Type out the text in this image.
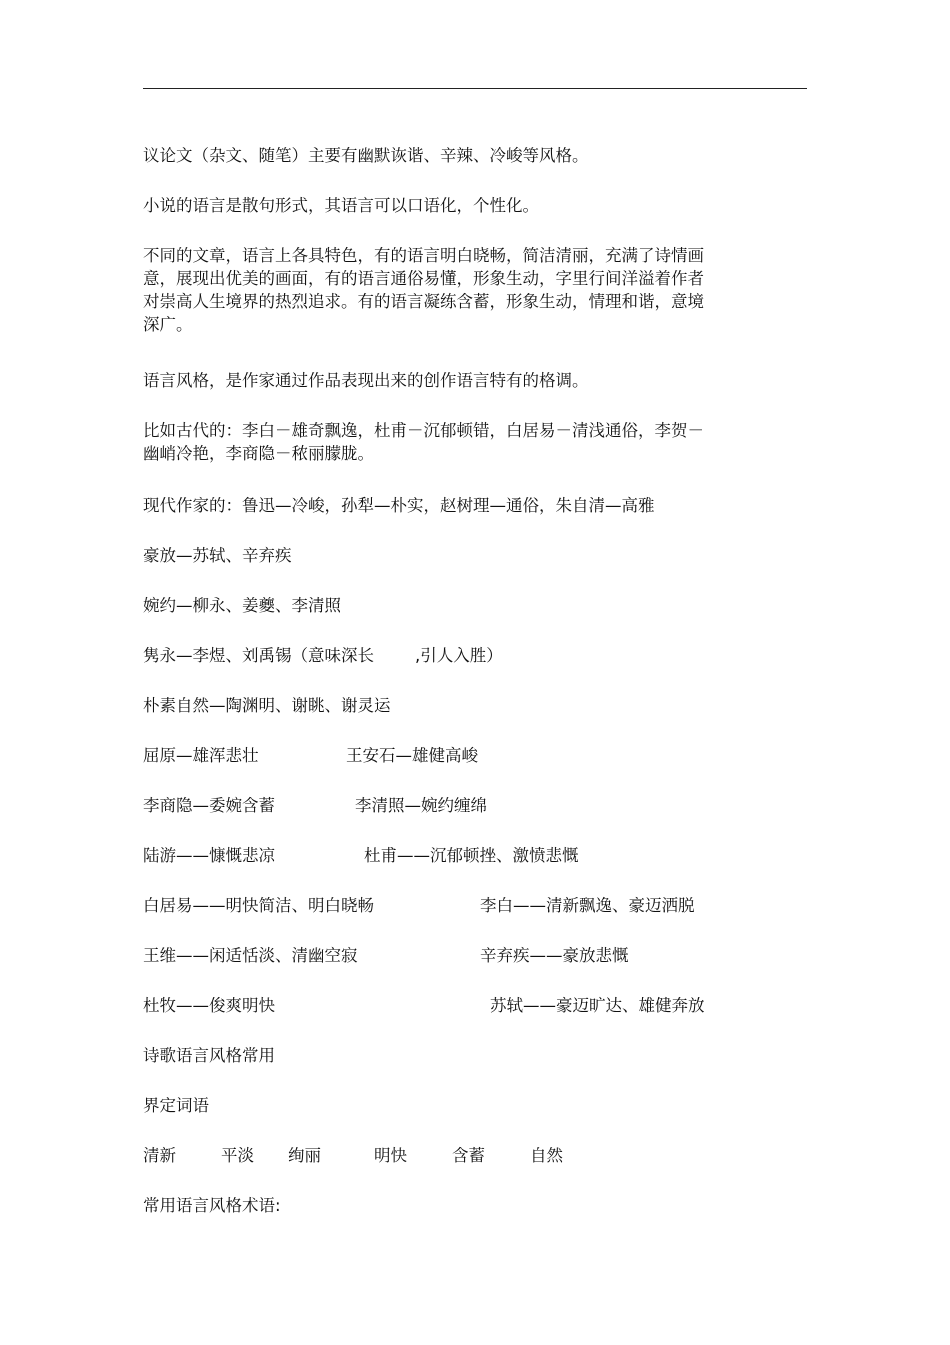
议论文（杂文、随笔）主要有幽默诙谐、辛辣、冷峻等风格。

小说的语言是散句形式，其语言可以口语化，个性化。

不同的文章，语言上各具特色，有的语言明白晓畅，简洁清丽，充满了诗情画

意，展现出优美的画面，有的语言通俗易懂，形象生动，字里行间洋溢着作者

对崇高人生境界的热烈追求。有的语言凝练含蓄，形象生动，情理和谐，意境

深广。

语言风格，是作家通过作品表现出来的创作语言特有的格调。

比如古代的：李白－雄奇飘逸，杜甫－沉郁顿错，白居易－清浅通俗，李贺－

幽峭冷艳，李商隐－秾丽朦胧。

现代作家的：鲁迅—冷峻，孙犁—朴实，赵树理—通俗，朱自清—高雅

豪放—苏轼、辛弃疾

婉约—柳永、姜夔、李清照

隽永—李煜、刘禹锡（意味深长 ,引人入胜）

朴素自然—陶渊明、谢眺、谢灵运

屈原—雄浑悲壮	王安石—雄健高峻
李商隐—委婉含蓄	李清照—婉约缠绵
陆游——慷慨悲凉	杜甫——沉郁顿挫、激愤悲慨
白居易——明快简洁、明白晓畅	李白——清新飘逸、豪迈洒脱
王维——闲适恬淡、清幽空寂	辛弃疾——豪放悲慨
杜牧——俊爽明快	苏轼——豪迈旷达、雄健奔放

诗歌语言风格常用

界定词语

清新	平淡 绚丽	明快	含蓄	自然

常用语言风格术语:
